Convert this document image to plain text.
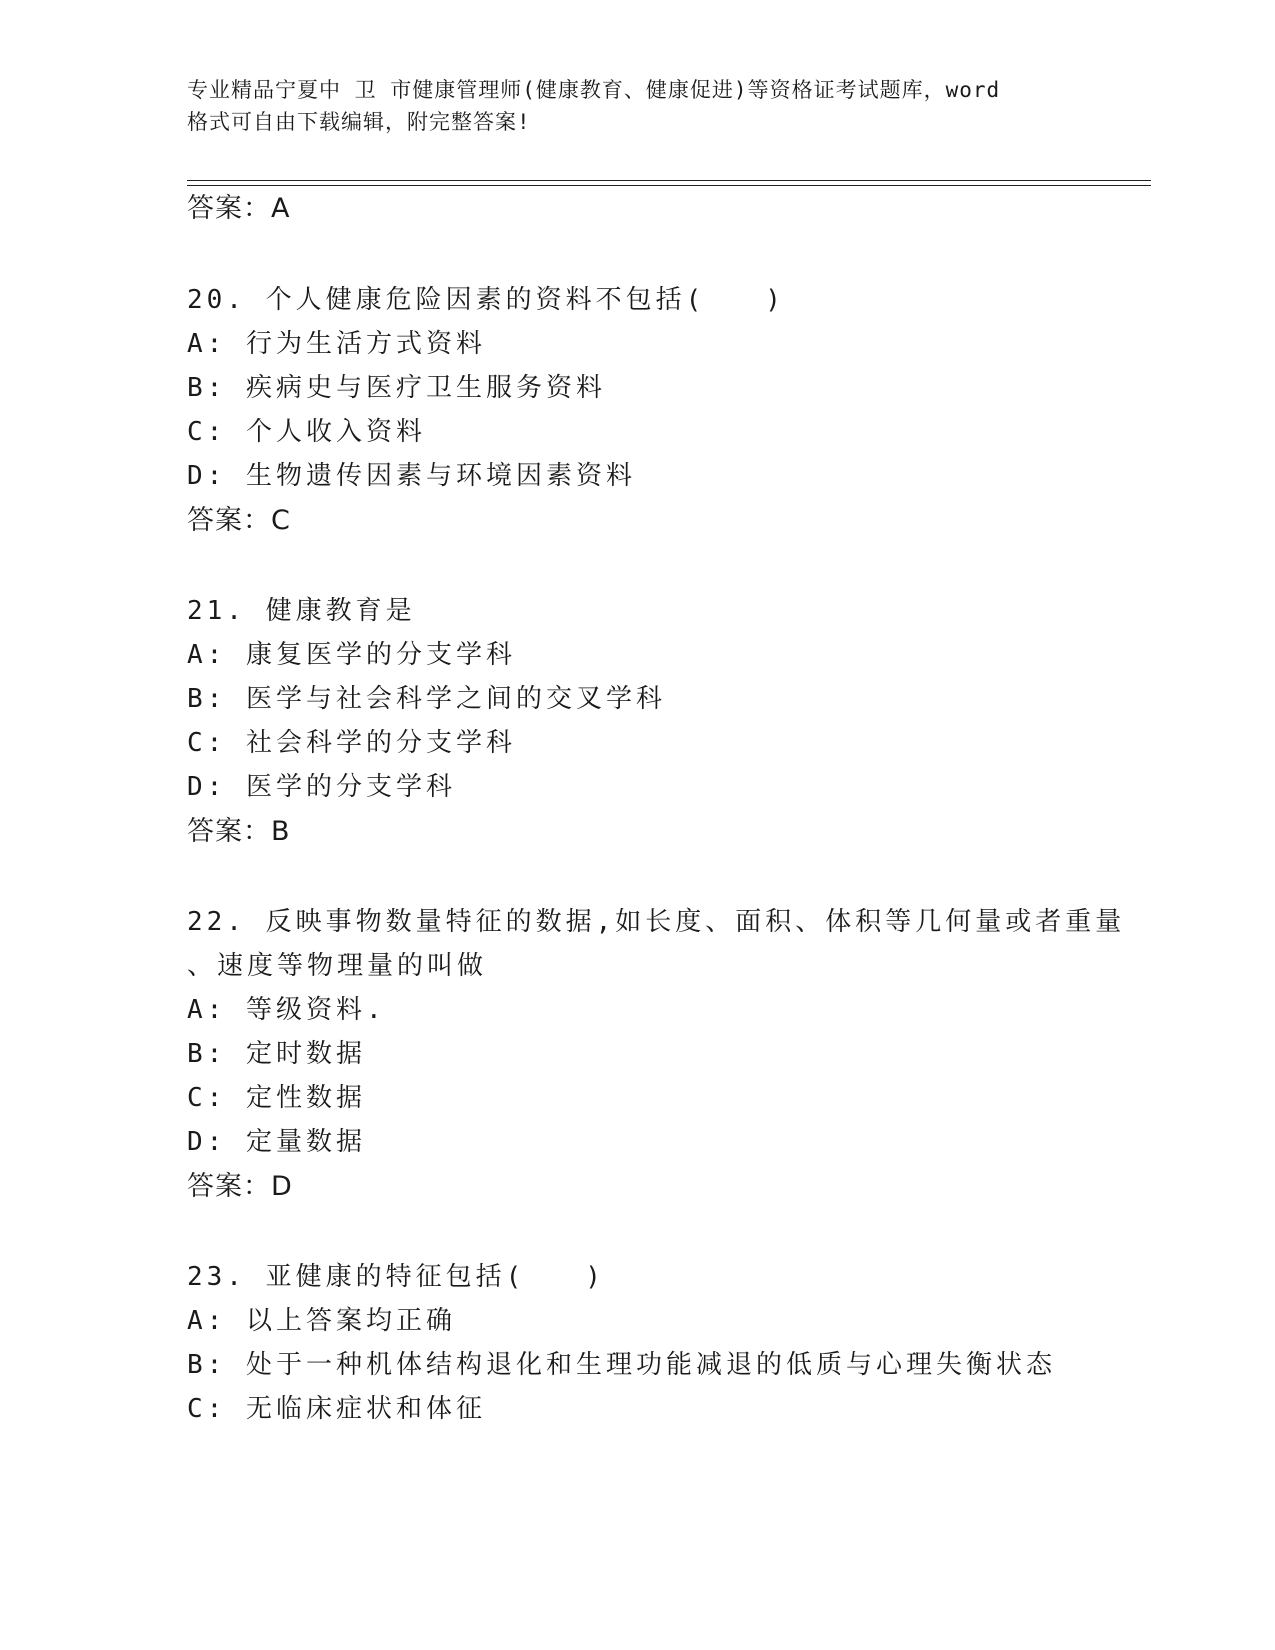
专业精品宁夏中 卫 市健康管理师(健康教育、健康促进)等资格证考试题库，word
格式可自由下载编辑，附完整答案!
答案：A
20. 个人健康危险因素的资料不包括(　　)
A: 行为生活方式资料
B: 疾病史与医疗卫生服务资料
C: 个人收入资料
D: 生物遗传因素与环境因素资料
答案：C
21. 健康教育是
A: 康复医学的分支学科
B: 医学与社会科学之间的交叉学科
C: 社会科学的分支学科
D: 医学的分支学科
答案：B
22. 反映事物数量特征的数据,如长度、面积、体积等几何量或者重量
、速度等物理量的叫做
A: 等级资料.
B: 定时数据
C: 定性数据
D: 定量数据
答案：D
23. 亚健康的特征包括(　　)
A: 以上答案均正确
B: 处于一种机体结构退化和生理功能减退的低质与心理失衡状态
C: 无临床症状和体征
